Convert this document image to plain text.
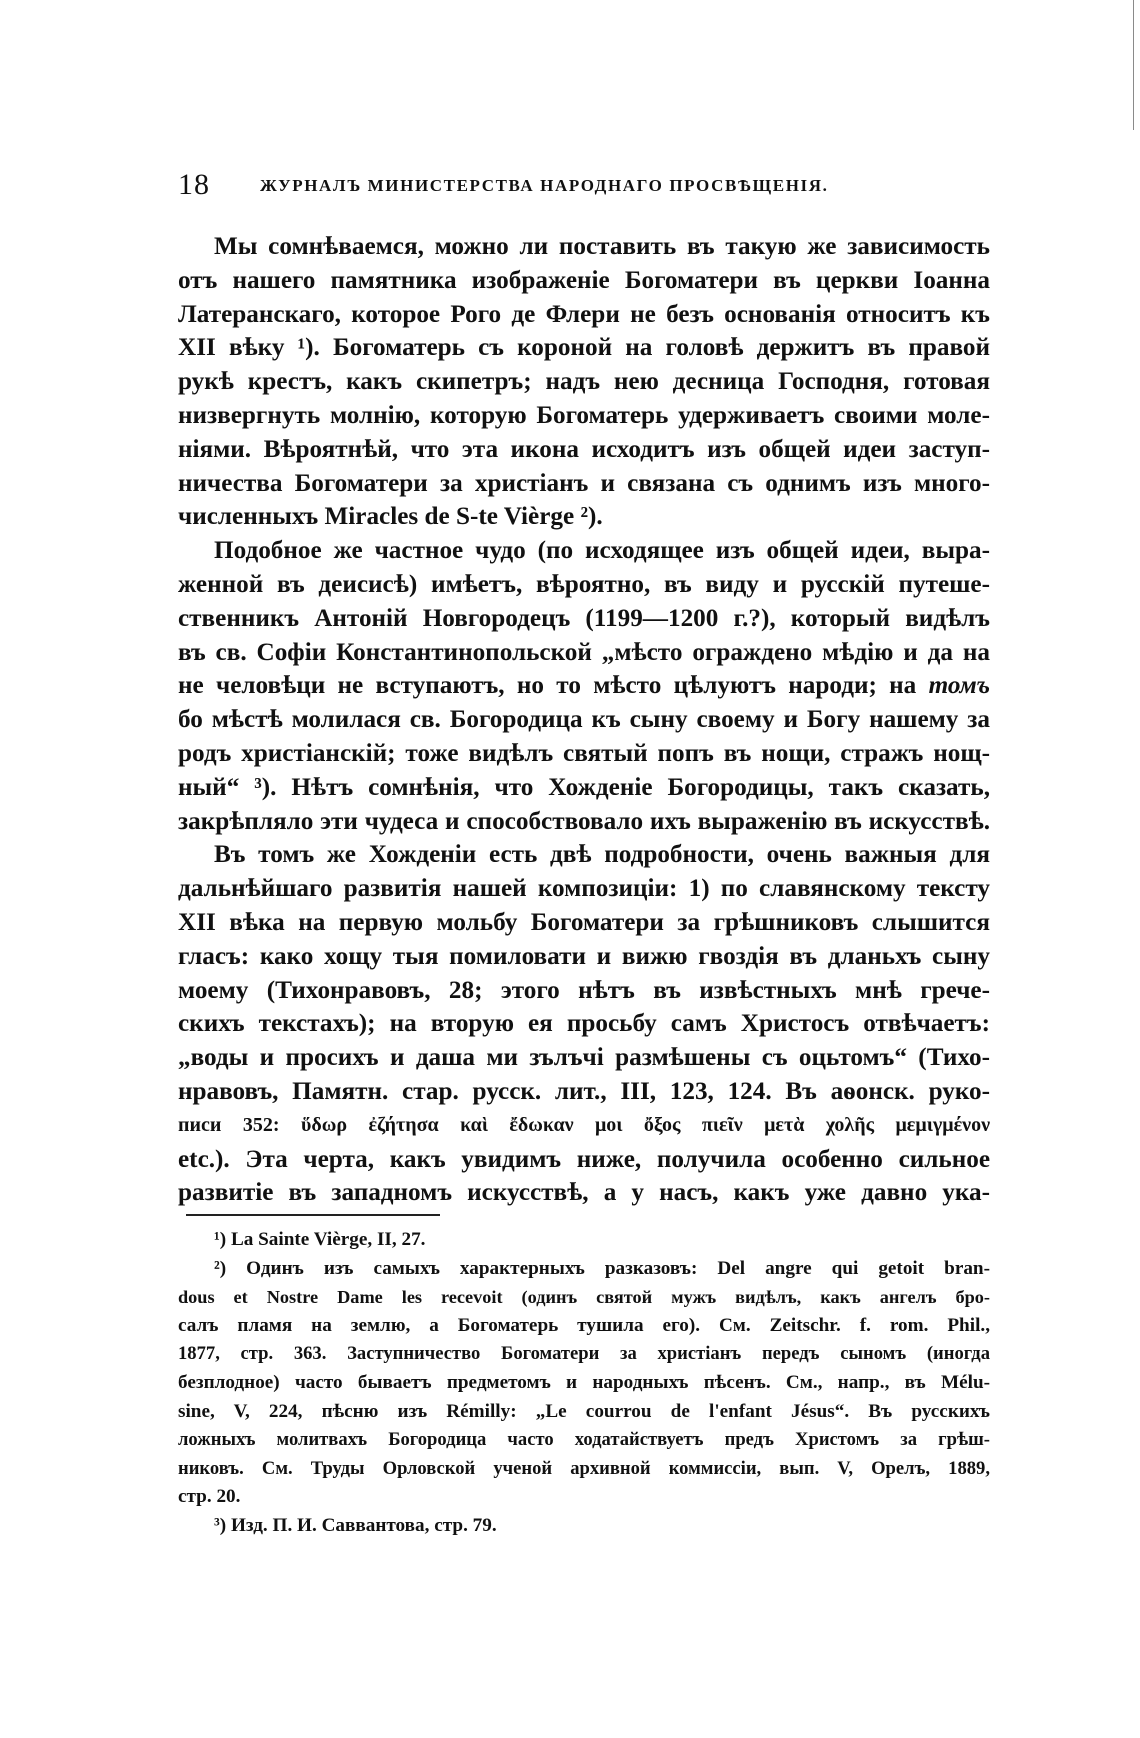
18	ЖУРНАЛЪ МИНИСТЕРСТВА НАРОДНАГО ПРОСВѢЩЕНІЯ.
Мы сомнѣваемся, можно ли поставить въ такую же зависимость
отъ нашего памятника изображеніе Богоматери въ церкви Іоанна
Латеранскаго, которое Рого де Флери не безъ основанія относитъ къ
XII вѣку ¹). Богоматерь съ короной на головѣ держитъ въ правой
рукѣ крестъ, какъ скипетръ; надъ нею десница Господня, готовая
низвергнуть молнію, которую Богоматерь удерживаетъ своими моле-
ніями. Вѣроятнѣй, что эта икона исходитъ изъ общей идеи заступ-
ничества Богоматери за христіанъ и связана съ однимъ изъ много-
численныхъ Miracles de S-te Vièrge ²).
Подобное же частное чудо (по исходящее изъ общей идеи, выра-
женной въ деисисѣ) имѣетъ, вѣроятно, въ виду и русскій путеше-
ственникъ Антоній Новгородецъ (1199—1200 г.?), который видѣлъ
въ св. Софіи Константинопольской „мѣсто ограждено мѣдію и да на
не человѣци не вступаютъ, но то мѣсто цѣлуютъ народи; на томъ
бо мѣстѣ молилася св. Богородица къ сыну своему и Богу нашему за
родъ христіанскій; тоже видѣлъ святый попъ въ нощи, стражъ нощ-
ный“ ³). Нѣтъ сомнѣнія, что Хожденіе Богородицы, такъ сказать,
закрѣпляло эти чудеса и способствовало ихъ выраженію въ искусствѣ.
Въ томъ же Хожденіи есть двѣ подробности, очень важныя для
дальнѣйшаго развитія нашей композиціи: 1) по славянскому тексту
XII вѣка на первую мольбу Богоматери за грѣшниковъ слышится
гласъ: како хощу тыя помиловати и вижю гвоздія въ дланьхъ сыну
моему (Тихонравовъ, 28; этого нѣтъ въ извѣстныхъ мнѣ грече-
скихъ текстахъ); на вторую ея просьбу самъ Христосъ отвѣчаетъ:
„воды и просихъ и даша ми зълъчі размѣшены съ оцьтомъ“ (Тихо-
нравовъ, Памятн. стар. русск. лит., III, 123, 124. Въ аѳонск. руко-
писи 352: ὕδωρ ἐζήτησα καὶ ἔδωκαν μοι ὄξος πιεῖν μετὰ χολῆς μεμιγμένον
etc.). Эта черта, какъ увидимъ ниже, получила особенно сильное
развитіе въ западномъ искусствѣ, а у насъ, какъ уже давно ука-
¹) La Sainte Vièrge, II, 27.
²) Одинъ изъ самыхъ характерныхъ разказовъ: Del angre qui getoit bran-
dous et Nostre Dame les recevoit (одинъ святой мужъ видѣлъ, какъ ангелъ бро-
салъ пламя на землю, а Богоматерь тушила его). См. Zeitschr. f. rom. Phil.,
1877, стр. 363. Заступничество Богоматери за христіанъ передъ сыномъ (иногда
безплодное) часто бываетъ предметомъ и народныхъ пѣсенъ. См., напр., въ Mélu-
sine, V, 224, пѣсню изъ Rémilly: „Le courrou de l'enfant Jésus“. Въ русскихъ
ложныхъ молитвахъ Богородица часто ходатайствуетъ предъ Христомъ за грѣш-
никовъ. См. Труды Орловской ученой архивной коммиссіи, вып. V, Орелъ, 1889,
стр. 20.
³) Изд. П. И. Саввантова, стр. 79.
